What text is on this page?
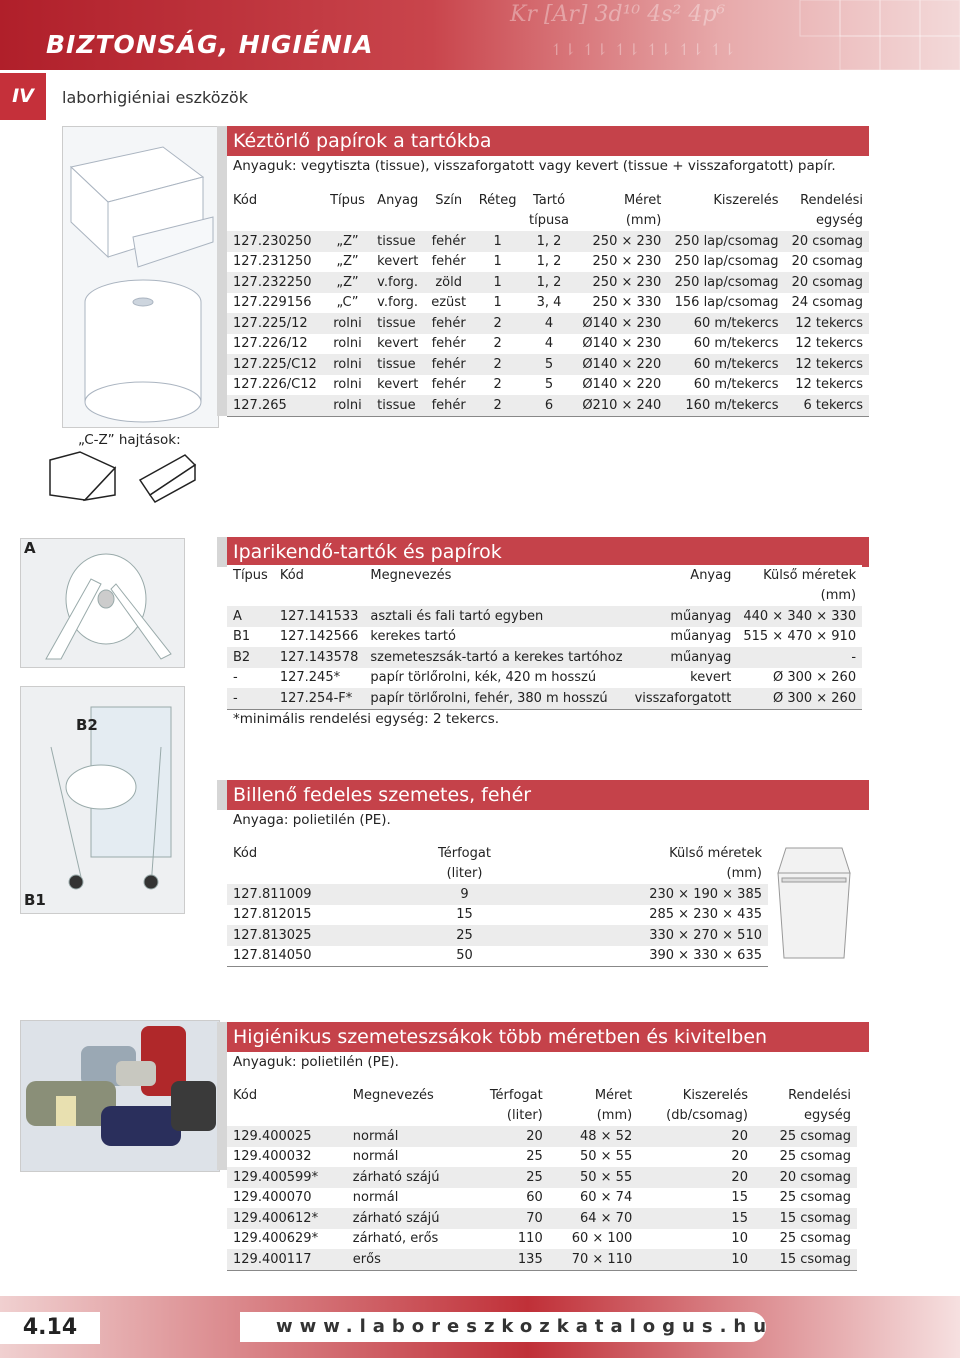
Kr [Ar] 3d¹⁰ 4s² 4p⁶
↿⇂ ↿⇂ ↿⇂ ↿⇂ ↿⇂ ↿⇂
BIZTONSÁG, HIGIÉNIA
IV	laborhigiéniai eszközök
Kéztörlő papírok a tartókba
Anyaguk: vegytiszta (tissue), visszaforgatott vagy kevert (tissue + visszaforgatott) papír.
Kód	Típus	Anyag	Szín	Réteg	Tartó	Méret	Kiszerelés	Rendelési
					típusa	(mm)		egység
127.230250	„Z”	tissue	fehér	1	1, 2	250 × 230	250 lap/csomag	20 csomag
127.231250	„Z”	kevert	fehér	1	1, 2	250 × 230	250 lap/csomag	20 csomag
127.232250	„Z”	v.forg.	zöld	1	1, 2	250 × 230	250 lap/csomag	20 csomag
127.229156	„C”	v.forg.	ezüst	1	3, 4	250 × 330	156 lap/csomag	24 csomag
127.225/12	rolni	tissue	fehér	2	4	Ø140 × 230	60 m/tekercs	12 tekercs
127.226/12	rolni	kevert	fehér	2	4	Ø140 × 230	60 m/tekercs	12 tekercs
127.225/C12	rolni	tissue	fehér	2	5	Ø140 × 220	60 m/tekercs	12 tekercs
127.226/C12	rolni	kevert	fehér	2	5	Ø140 × 220	60 m/tekercs	12 tekercs
127.265	rolni	tissue	fehér	2	6	Ø210 × 240	160 m/tekercs	6 tekercs
„C-Z” hajtások:
A
B2
B1
Iparikendő-tartók és papírok
Típus	Kód	Megnevezés	Anyag	Külső méretek
				(mm)
A	127.141533	asztali és fali tartó egyben	műanyag	440 × 340 × 330
B1	127.142566	kerekes tartó	műanyag	515 × 470 × 910
B2	127.143578	szemeteszsák-tartó a kerekes tartóhoz	műanyag	-
-	127.245*	papír törlőrolni, kék, 420 m hosszú	kevert	Ø 300 × 260
-	127.254-F*	papír törlőrolni, fehér, 380 m hosszú	visszaforgatott	Ø 300 × 260
*minimális rendelési egység: 2 tekercs.
Billenő fedeles szemetes, fehér
Anyaga: polietilén (PE).
Kód	Térfogat	Külső méretek
	(liter)	(mm)
127.811009	9	230 × 190 × 385
127.812015	15	285 × 230 × 435
127.813025	25	330 × 270 × 510
127.814050	50	390 × 330 × 635
Higiénikus szemeteszsákok több méretben és kivitelben
Anyaguk: polietilén (PE).
Kód	Megnevezés	Térfogat	Méret	Kiszerelés	Rendelési
		(liter)	(mm)	(db/csomag)	egység
129.400025	normál	20	48 × 52	20	25 csomag
129.400032	normál	25	50 × 55	20	25 csomag
129.400599*	zárható szájú	25	50 × 55	20	20 csomag
129.400070	normál	60	60 × 74	15	25 csomag
129.400612*	zárható szájú	70	64 × 70	15	15 csomag
129.400629*	zárható, erős	110	60 × 100	10	25 csomag
129.400117	erős	135	70 × 110	10	15 csomag
4.14	www.laboreszkozkatalogus.hu
